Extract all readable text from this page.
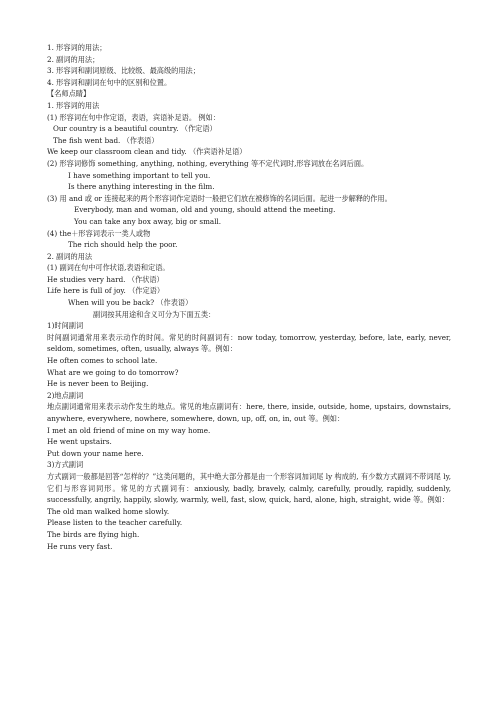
1. 形容词的用法；
2. 副词的用法；
3. 形容词和副词原级、比较级、最高级的用法；
4. 形容词和副词在句中的区别和位置。
【名师点睛】
1. 形容词的用法
(1) 形容词在句中作定语，表语，宾语补足语。 例如：
Our country is a beautiful country. （作定语）
The fish went bad. （作表语）
We keep our classroom clean and tidy. （作宾语补足语）
(2) 形容词修饰 something, anything, nothing, everything 等不定代词时,形容词放在名词后面。
I have something important to tell you.
Is there anything interesting in the film.
(3) 用 and 或 or 连接起来的两个形容词作定语时一般把它们放在被修饰的名词后面。起进一步解释的作用。
Everybody, man and woman, old and young, should attend the meeting.
You can take any box away, big or small.
(4) the＋形容词表示一类人或物
The rich should help the poor.
2. 副词的用法
(1) 副词在句中可作状语,表语和定语。
He studies very hard. （作状语）
Life here is full of joy. （作定语）
When will you be back? （作表语）
副词按其用途和含义可分为下面五类：
1)时间副词
时间副词通常用来表示动作的时间。常见的时间副词有：now today, tomorrow, yesterday, before, late, early, never, seldom, sometimes, often, usually, always 等。例如：
He often comes to school late.
What are we going to do tomorrow?
He is never been to Beijing.
2)地点副词
地点副词通常用来表示动作发生的地点。常见的地点副词有：here, there, inside, outside, home, upstairs, downstairs, anywhere, everywhere, nowhere, somewhere, down, up, off, on, in, out 等。例如：
I met an old friend of mine on my way home.
He went upstairs.
Put down your name here.
3)方式副词
方式副词一般都是回答“怎样的？”这类问题的，其中绝大部分都是由一个形容词加词尾 ly 构成的, 有少数方式副词不带词尾 ly, 它们与形容词同形。常见的方式副词有：anxiously, badly, bravely, calmly, carefully, proudly, rapidly, suddenly, successfully, angrily, happily, slowly, warmly, well, fast, slow, quick, hard, alone, high, straight, wide 等。例如：
The old man walked home slowly.
Please listen to the teacher carefully.
The birds are flying high.
He runs very fast.
